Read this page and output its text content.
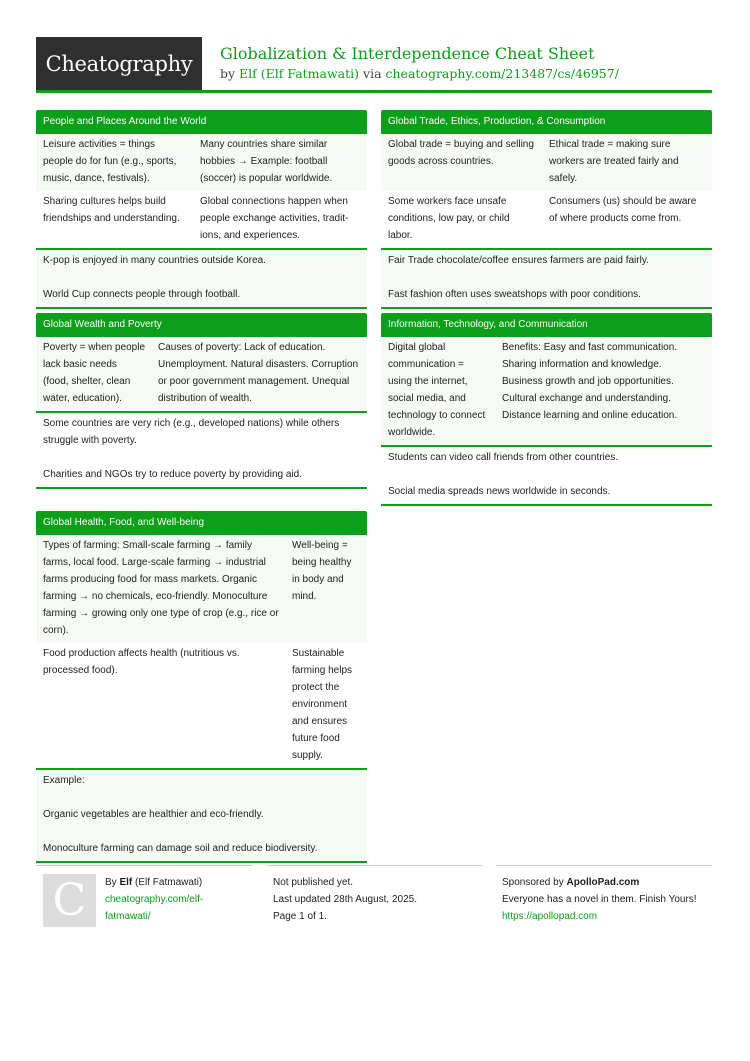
Cheatography Globalization & Interdependence Cheat Sheet
by Elf (Elf Fatmawati) via cheatography.com/213487/cs/46957/
People and Places Around the World
Leisure activities = things people do for fun (e.g., sports, music, dance, festivals).
Many countries share similar hobbies → Example: football (soccer) is popular worldwide.
Sharing cultures helps build friendships and understanding.
Global connections happen when people exchange activities, traditions, and experiences.
K-pop is enjoyed in many countries outside Korea.
World Cup connects people through football.
Global Trade, Ethics, Production, & Consumption
Global trade = buying and selling goods across countries.
Ethical trade = making sure workers are treated fairly and safely.
Some workers face unsafe conditions, low pay, or child labor.
Consumers (us) should be aware of where products come from.
Fair Trade chocolate/coffee ensures farmers are paid fairly.
Fast fashion often uses sweatshops with poor conditions.
Global Wealth and Poverty
Poverty = when people lack basic needs (food, shelter, clean water, education).
Causes of poverty: Lack of education. Unemployment. Natural disasters. Corruption or poor government management. Unequal distribution of wealth.
Some countries are very rich (e.g., developed nations) while others struggle with poverty.
Charities and NGOs try to reduce poverty by providing aid.
Information, Technology, and Communication
Digital global communication = using the internet, social media, and technology to connect worldwide.
Benefits: Easy and fast communication.
Sharing information and knowledge.
Business growth and job opportunities.
Cultural exchange and understanding.
Distance learning and online education.
Students can video call friends from other countries.
Social media spreads news worldwide in seconds.
Global Health, Food, and Well-being
Types of farming: Small-scale farming → family farms, local food. Large-scale farming → industrial farms producing food for mass markets. Organic farming → no chemicals, eco-friendly. Monoculture farming → growing only one type of crop (e.g., rice or corn).
Well-being = being healthy in body and mind.
Food production affects health (nutritious vs. processed food).
Sustainable farming helps protect the environment and ensures future food supply.
Example:
Organic vegetables are healthier and eco-friendly.
Monoculture farming can damage soil and reduce biodiversity.
C By Elf (Elf Fatmawati)
cheatography.com/elf-fatmawati/
Not published yet.
Last updated 28th August, 2025.
Page 1 of 1.
Sponsored by ApolloPad.com
Everyone has a novel in them. Finish Yours!
https://apollopad.com
